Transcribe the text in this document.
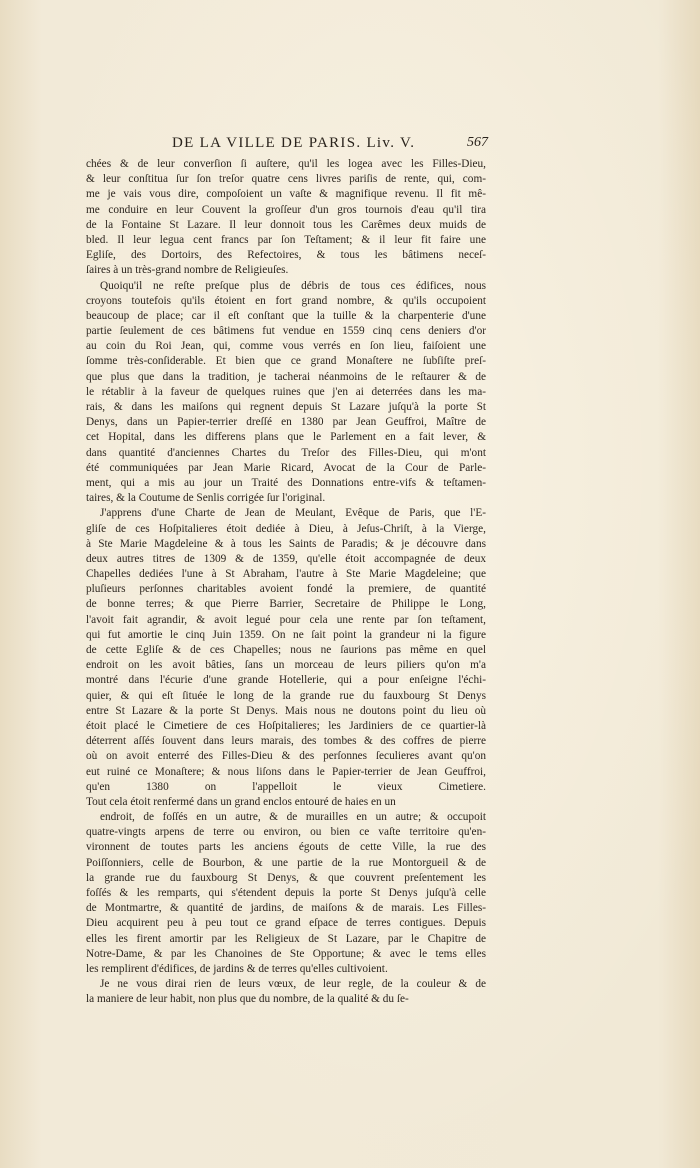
DE LA VILLE DE PARIS. Liv. V.	567
chées & de leur converſion ſi auſtere, qu'il les logea avec les Filles-Dieu,
& leur conſtitua ſur ſon treſor quatre cens livres pariſis de rente, qui, com-
me je vais vous dire, compoſoient un vaſte & magnifique revenu. Il fit mê-
me conduire en leur Couvent la groſſeur d'un gros tournois d'eau qu'il tira
de la Fontaine St Lazare. Il leur donnoit tous les Carêmes deux muids de
bled. Il leur legua cent francs par ſon Teſtament; & il leur fit faire une
Egliſe, des Dortoirs, des Refectoires, & tous les bâtimens neceſ-
ſaires à un très-grand nombre de Religieuſes.
Quoiqu'il ne reſte preſque plus de débris de tous ces édifices, nous
croyons toutefois qu'ils étoient en fort grand nombre, & qu'ils occupoient
beaucoup de place; car il eſt conſtant que la tuille & la charpenterie d'une
partie ſeulement de ces bâtimens fut vendue en 1559 cinq cens deniers d'or
au coin du Roi Jean, qui, comme vous verrés en ſon lieu, faiſoient une
ſomme très-conſiderable. Et bien que ce grand Monaſtere ne ſubſiſte preſ-
que plus que dans la tradition, je tacherai néanmoins de le reſtaurer & de
le rétablir à la faveur de quelques ruines que j'en ai deterrées dans les ma-
rais, & dans les maiſons qui regnent depuis St Lazare juſqu'à la porte St
Denys, dans un Papier-terrier dreſſé en 1380 par Jean Geuffroi, Maître de
cet Hopital, dans les differens plans que le Parlement en a fait lever, &
dans quantité d'anciennes Chartes du Treſor des Filles-Dieu, qui m'ont
été communiquées par Jean Marie Ricard, Avocat de la Cour de Parle-
ment, qui a mis au jour un Traité des Donnations entre-vifs & teſtamen-
taires, & la Coutume de Senlis corrigée ſur l'original.
J'apprens d'une Charte de Jean de Meulant, Evêque de Paris, que l'E-
gliſe de ces Hoſpitalieres étoit dediée à Dieu, à Jeſus-Chriſt, à la Vierge,
à Ste Marie Magdeleine & à tous les Saints de Paradis; & je découvre dans
deux autres titres de 1309 & de 1359, qu'elle étoit accompagnée de deux
Chapelles dediées l'une à St Abraham, l'autre à Ste Marie Magdeleine; que
pluſieurs perſonnes charitables avoient fondé la premiere, de quantité
de bonne terres; & que Pierre Barrier, Secretaire de Philippe le Long,
l'avoit fait agrandir, & avoit legué pour cela une rente par ſon teſtament,
qui fut amortie le cinq Juin 1359. On ne ſait point la grandeur ni la figure
de cette Egliſe & de ces Chapelles; nous ne ſaurions pas même en quel
endroit on les avoit bâties, ſans un morceau de leurs piliers qu'on m'a
montré dans l'écurie d'une grande Hotellerie, qui a pour enſeigne l'échi-
quier, & qui eſt ſituée le long de la grande rue du fauxbourg St Denys
entre St Lazare & la porte St Denys. Mais nous ne doutons point du lieu où
étoit placé le Cimetiere de ces Hoſpitalieres; les Jardiniers de ce quartier-là
déterrent aſſés ſouvent dans leurs marais, des tombes & des coffres de pierre
où on avoit enterré des Filles-Dieu & des perſonnes ſeculieres avant qu'on
eut ruiné ce Monaſtere; & nous liſons dans le Papier-terrier de Jean Geuffroi,
qu'en 1380 on l'appelloit le vieux Cimetiere.
Tout cela étoit renfermé dans un grand enclos entouré de haies en un
endroit, de foſſés en un autre, & de murailles en un autre; & occupoit
quatre-vingts arpens de terre ou environ, ou bien ce vaſte territoire qu'en-
vironnent de toutes parts les anciens égouts de cette Ville, la rue des
Poiſſonniers, celle de Bourbon, & une partie de la rue Montorgueil & de
la grande rue du fauxbourg St Denys, & que couvrent preſentement les
foſſés & les remparts, qui s'étendent depuis la porte St Denys juſqu'à celle
de Montmartre, & quantité de jardins, de maiſons & de marais. Les Filles-
Dieu acquirent peu à peu tout ce grand eſpace de terres contigues. Depuis
elles les firent amortir par les Religieux de St Lazare, par le Chapitre de
Notre-Dame, & par les Chanoines de Ste Opportune; & avec le tems elles
les remplirent d'édifices, de jardins & de terres qu'elles cultivoient.
Je ne vous dirai rien de leurs vœux, de leur regle, de la couleur & de
la maniere de leur habit, non plus que du nombre, de la qualité & du ſe-
